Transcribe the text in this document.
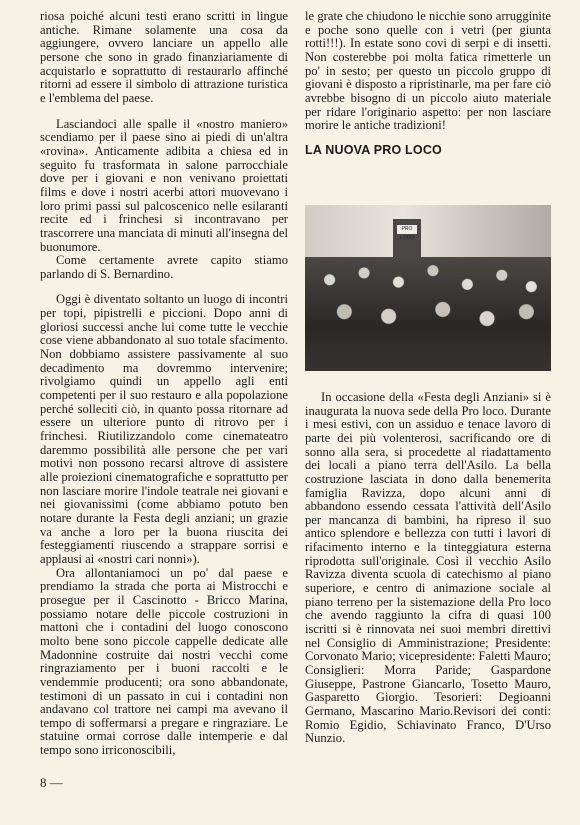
riosa poiché alcuni testi erano scritti in lingue antiche. Rimane solamente una cosa da aggiungere, ovvero lanciare un appello alle persone che sono in grado finanziariamente di acquistarlo e soprattutto di restaurarlo affinché ritorni ad essere il simbolo di attrazione turistica e l'emblema del paese.

Lasciandoci alle spalle il «nostro maniero» scendiamo per il paese sino ai piedi di un'altra «rovina». Anticamente adibita a chiesa ed in seguito fu trasformata in salone parrocchiale dove per i giovani e non venivano proiettati films e dove i nostri acerbi attori muovevano i loro primi passi sul palcoscenico nelle esilaranti recite ed i frinchesi si incontravano per trascorrere una manciata di minuti all'insegna del buonumore.

Come certamente avrete capito stiamo parlando di S. Bernardino.

Oggi è diventato soltanto un luogo di incontri per topi, pipistrelli e piccioni. Dopo anni di gloriosi successi anche lui come tutte le vecchie cose viene abbandonato al suo totale sfacimento. Non dobbiamo assistere passivamente al suo decadimento ma dovremmo intervenire; rivolgiamo quindi un appello agli enti competenti per il suo restauro e alla popolazione perché solleciti ciò, in quanto possa ritornare ad essere un ulteriore punto di ritrovo per i frinchesi. Riutilizzandolo come cinemateatro daremmo possibilità alle persone che per vari motivi non possono recarsi altrove di assistere alle proiezioni cinematografiche e soprattutto per non lasciare morire l'indole teatrale nei giovani e nei giovanissimi (come abbiamo potuto ben notare durante la Festa degli anziani; un grazie va anche a loro per la buona riuscita dei festeggiamenti riuscendo a strappare sorrisi e applausi ai «nostri cari nonni»).

Ora allontaniamoci un po' dal paese e prendiamo la strada che porta ai Mistrocchi e prosegue per il Cascinotto - Bricco Marina, possiamo notare delle piccole costruzioni in mattoni che i contadini del luogo conoscono molto bene sono piccole cappelle dedicate alle Madonnine costruite dai nostri vecchi come ringraziamento per i buoni raccolti e le vendemmie producenti; ora sono abbandonate, testimoni di un passato in cui i contadini non andavano col trattore nei campi ma avevano il tempo di soffermarsi a pregare e ringraziare. Le statuine ormai corrose dalle intemperie e dal tempo sono irriconoscibili,

le grate che chiudono le nicchie sono arrugginite e poche sono quelle con i vetri (per giunta rotti!!!). In estate sono covi di serpi e di insetti. Non costerebbe poi molta fatica rimetterle un po' in sesto; per questo un piccolo gruppo di giovani è disposto a ripristinarle, ma per fare ciò avrebbe bisogno di un piccolo aiuto materiale per ridare l'originario aspetto: per non lasciare morire le antiche tradizioni!

LA NUOVA PRO LOCO
PRO LOCO

In occasione della «Festa degli Anziani» si è inaugurata la nuova sede della Pro loco. Durante i mesi estivi, con un assiduo e tenace lavoro di parte dei più volenterosi, sacrificando ore di sonno alla sera, si procedette al riadattamento dei locali a piano terra dell'Asilo. La bella costruzione lasciata in dono dalla benemerita famiglia Ravizza, dopo alcuni anni di abbandono essendo cessata l'attività dell'Asilo per mancanza di bambini, ha ripreso il suo antico splendore e bellezza con tutti i lavori di rifacimento interno e la tinteggiatura esterna riprodotta sull'originale. Così il vecchio Asilo Ravizza diventa scuola di catechismo al piano superiore, e centro di animazione sociale al piano terreno per la sistemazione della Pro loco che avendo raggiunto la cifra di quasi 100 iscritti si è rinnovata nei suoi membri direttivi nel Consiglio di Amministrazione; Presidente: Corvonato Mario; vicepresidente: Faletti Mauro; Consiglieri: Morra Paride; Gaspardone Giuseppe, Pastrone Giancarlo, Tosetto Mauro, Gasparetto Giorgio. Tesorieri: Degioanni Germano, Mascarino Mario.Revisori dei conti: Romio Egidio, Schiavinato Franco, D'Urso Nunzio.

8 —
